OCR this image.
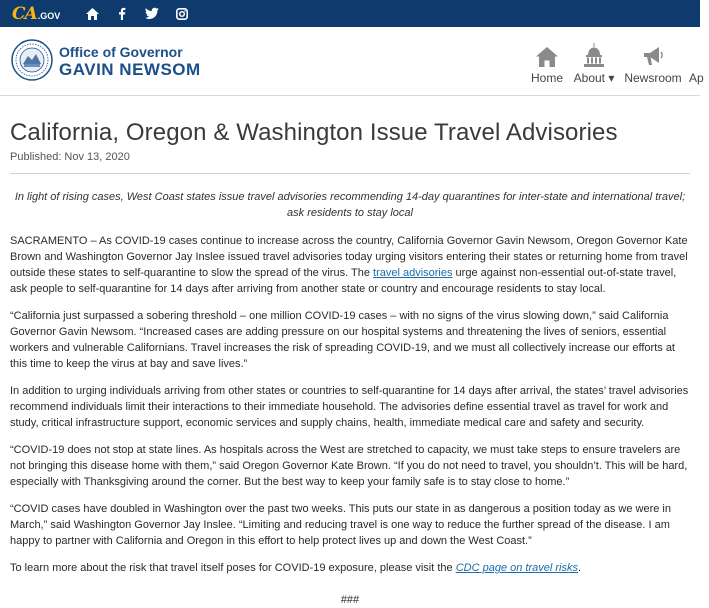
CA .GOV
Office of Governor
GAVIN NEWSOM	Home About ▾ Newsroom Ap
California, Oregon & Washington Issue Travel Advisories
Published: Nov 13, 2020
In light of rising cases, West Coast states issue travel advisories recommending 14-day quarantines for inter-state and international travel; ask residents to stay local

SACRAMENTO – As COVID-19 cases continue to increase across the country, California Governor Gavin Newsom, Oregon Governor Kate Brown and Washington Governor Jay Inslee issued travel advisories today urging visitors entering their states or returning home from travel outside these states to self-quarantine to slow the spread of the virus. The travel advisories urge against non-essential out-of-state travel, ask people to self-quarantine for 14 days after arriving from another state or country and encourage residents to stay local.

“California just surpassed a sobering threshold – one million COVID-19 cases – with no signs of the virus slowing down,” said California Governor Gavin Newsom. “Increased cases are adding pressure on our hospital systems and threatening the lives of seniors, essential workers and vulnerable Californians. Travel increases the risk of spreading COVID-19, and we must all collectively increase our efforts at this time to keep the virus at bay and save lives.”

In addition to urging individuals arriving from other states or countries to self-quarantine for 14 days after arrival, the states’ travel advisories recommend individuals limit their interactions to their immediate household. The advisories define essential travel as travel for work and study, critical infrastructure support, economic services and supply chains, health, immediate medical care and safety and security.

“COVID-19 does not stop at state lines. As hospitals across the West are stretched to capacity, we must take steps to ensure travelers are not bringing this disease home with them,” said Oregon Governor Kate Brown. “If you do not need to travel, you shouldn’t. This will be hard, especially with Thanksgiving around the corner. But the best way to keep your family safe is to stay close to home.”

“COVID cases have doubled in Washington over the past two weeks. This puts our state in as dangerous a position today as we were in March,” said Washington Governor Jay Inslee. “Limiting and reducing travel is one way to reduce the further spread of the disease. I am happy to partner with California and Oregon in this effort to help protect lives up and down the West Coast.”

To learn more about the risk that travel itself poses for COVID-19 exposure, please visit the CDC page on travel risks.

###
